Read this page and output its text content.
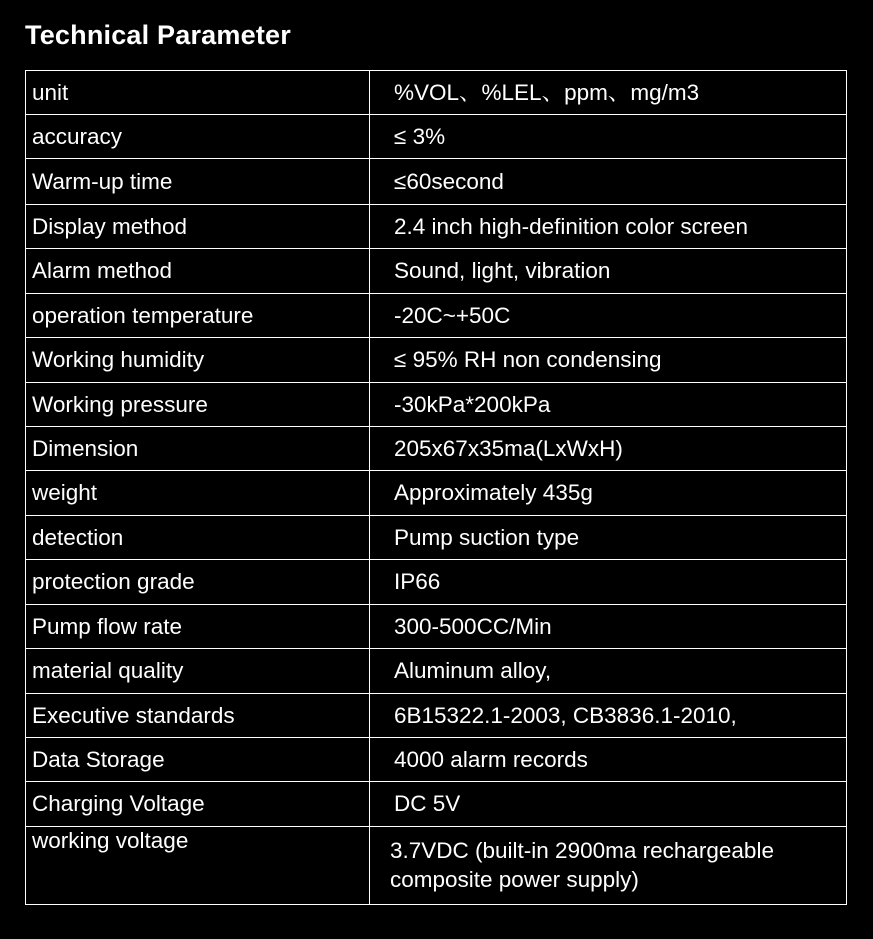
Technical Parameter
unit	%VOL、%LEL、ppm、mg/m3
accuracy	≤ 3%
Warm-up time	≤60second
Display method	2.4 inch high-definition color screen
Alarm method	Sound, light, vibration
operation temperature	-20C~+50C
Working humidity	≤ 95% RH non condensing
Working pressure	-30kPa*200kPa
Dimension	205x67x35ma(LxWxH)
weight	Approximately 435g
detection	Pump suction type
protection grade	IP66
Pump flow rate	300-500CC/Min
material quality	Aluminum alloy,
Executive standards	6B15322.1-2003, CB3836.1-2010,
Data Storage	4000 alarm records
Charging Voltage	DC 5V
working voltage	3.7VDC (built-in 2900ma rechargeable composite power supply)
